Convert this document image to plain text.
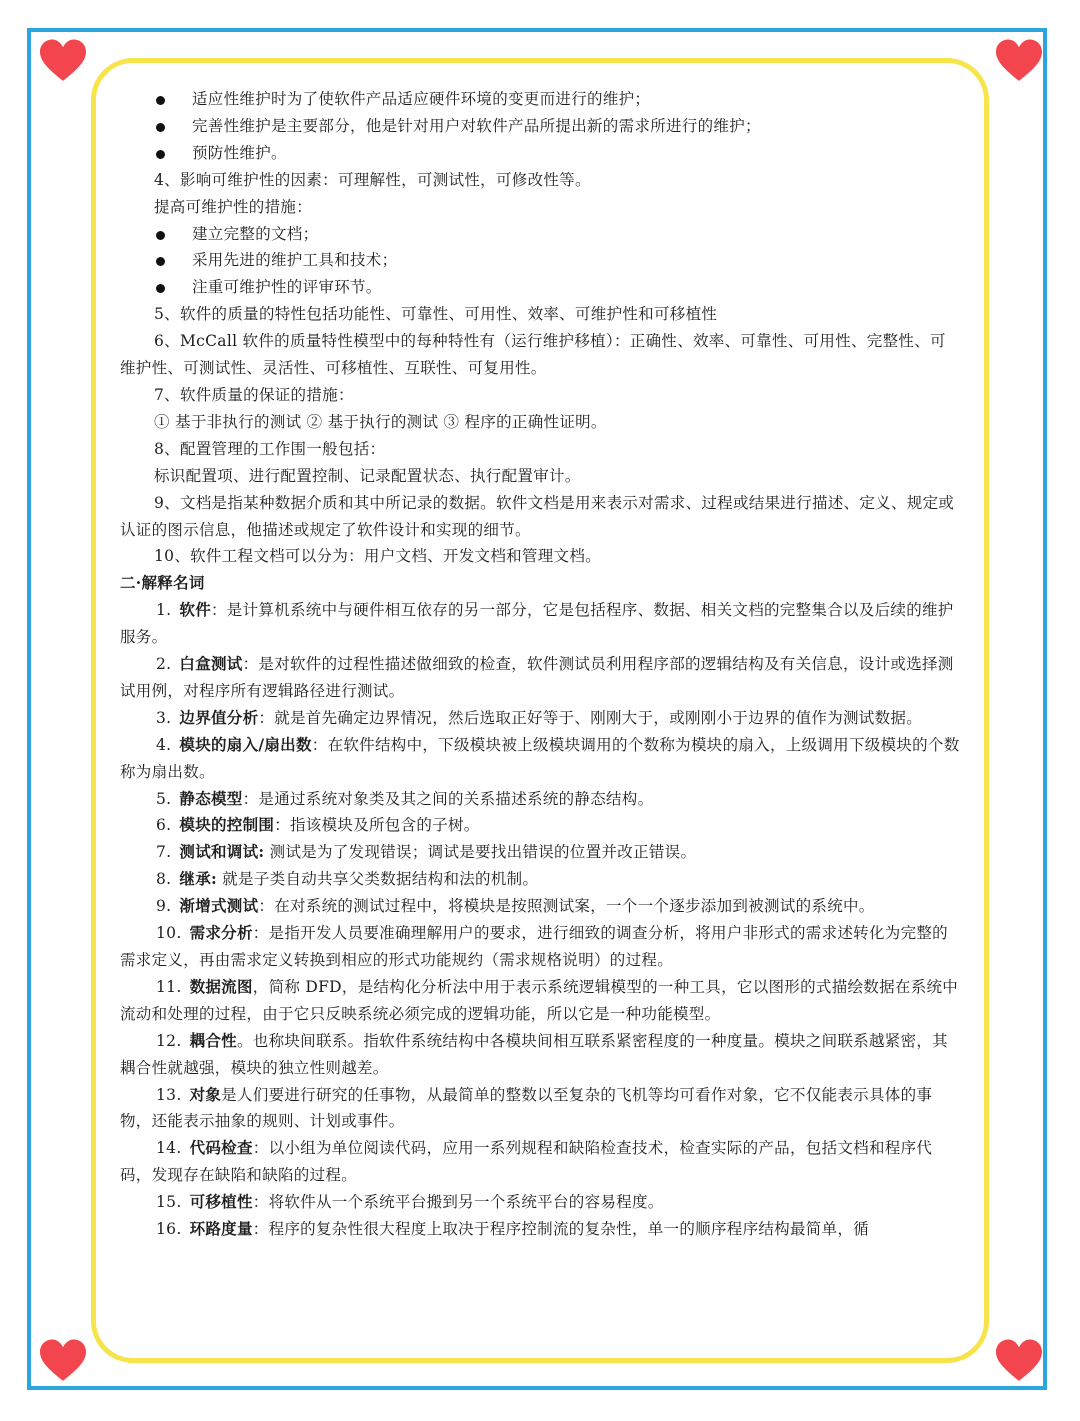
适应性维护时为了使软件产品适应硬件环境的变更而进行的维护；

完善性维护是主要部分，他是针对用户对软件产品所提出新的需求所进行的维护；

预防性维护。

4、影响可维护性的因素：可理解性，可测试性，可修改性等。

提高可维护性的措施：

建立完整的文档；

采用先进的维护工具和技术；

注重可维护性的评审环节。

5、软件的质量的特性包括功能性、可靠性、可用性、效率、可维护性和可移植性

6、McCall 软件的质量特性模型中的每种特性有（运行维护移植）：正确性、效率、可靠性、可用性、完整性、可维护性、可测试性、灵活性、可移植性、互联性、可复用性。

7、软件质量的保证的措施：

① 基于非执行的测试 ② 基于执行的测试 ③ 程序的正确性证明。

8、配置管理的工作围一般包括：

标识配置项、进行配置控制、记录配置状态、执行配置审计。

9、文档是指某种数据介质和其中所记录的数据。软件文档是用来表示对需求、过程或结果进行描述、定义、规定或认证的图示信息，他描述或规定了软件设计和实现的细节。

10、软件工程文档可以分为：用户文档、开发文档和管理文档。

二·解释名词

1. 软件：是计算机系统中与硬件相互依存的另一部分，它是包括程序、数据、相关文档的完整集合以及后续的维护服务。

2. 白盒测试：是对软件的过程性描述做细致的检查，软件测试员利用程序部的逻辑结构及有关信息，设计或选择测试用例，对程序所有逻辑路径进行测试。

3. 边界值分析：就是首先确定边界情况，然后选取正好等于、刚刚大于，或刚刚小于边界的值作为测试数据。

4. 模块的扇入/扇出数：在软件结构中，下级模块被上级模块调用的个数称为模块的扇入，上级调用下级模块的个数称为扇出数。

5. 静态模型：是通过系统对象类及其之间的关系描述系统的静态结构。

6. 模块的控制围：指该模块及所包含的子树。

7. 测试和调试: 测试是为了发现错误；调试是要找出错误的位置并改正错误。

8. 继承: 就是子类自动共享父类数据结构和法的机制。

9. 渐增式测试：在对系统的测试过程中，将模块是按照测试案，一个一个逐步添加到被测试的系统中。

10. 需求分析：是指开发人员要准确理解用户的要求，进行细致的调查分析，将用户非形式的需求述转化为完整的需求定义，再由需求定义转换到相应的形式功能规约（需求规格说明）的过程。

11. 数据流图，简称 DFD，是结构化分析法中用于表示系统逻辑模型的一种工具，它以图形的式描绘数据在系统中流动和处理的过程，由于它只反映系统必须完成的逻辑功能，所以它是一种功能模型。

12. 耦合性。也称块间联系。指软件系统结构中各模块间相互联系紧密程度的一种度量。模块之间联系越紧密，其耦合性就越强，模块的独立性则越差。

13. 对象是人们要进行研究的任事物，从最简单的整数以至复杂的飞机等均可看作对象，它不仅能表示具体的事物，还能表示抽象的规则、计划或事件。

14. 代码检查：以小组为单位阅读代码，应用一系列规程和缺陷检查技术，检查实际的产品，包括文档和程序代码，发现存在缺陷和缺陷的过程。

15. 可移植性：将软件从一个系统平台搬到另一个系统平台的容易程度。

16. 环路度量：程序的复杂性很大程度上取决于程序控制流的复杂性，单一的顺序程序结构最简单，循
